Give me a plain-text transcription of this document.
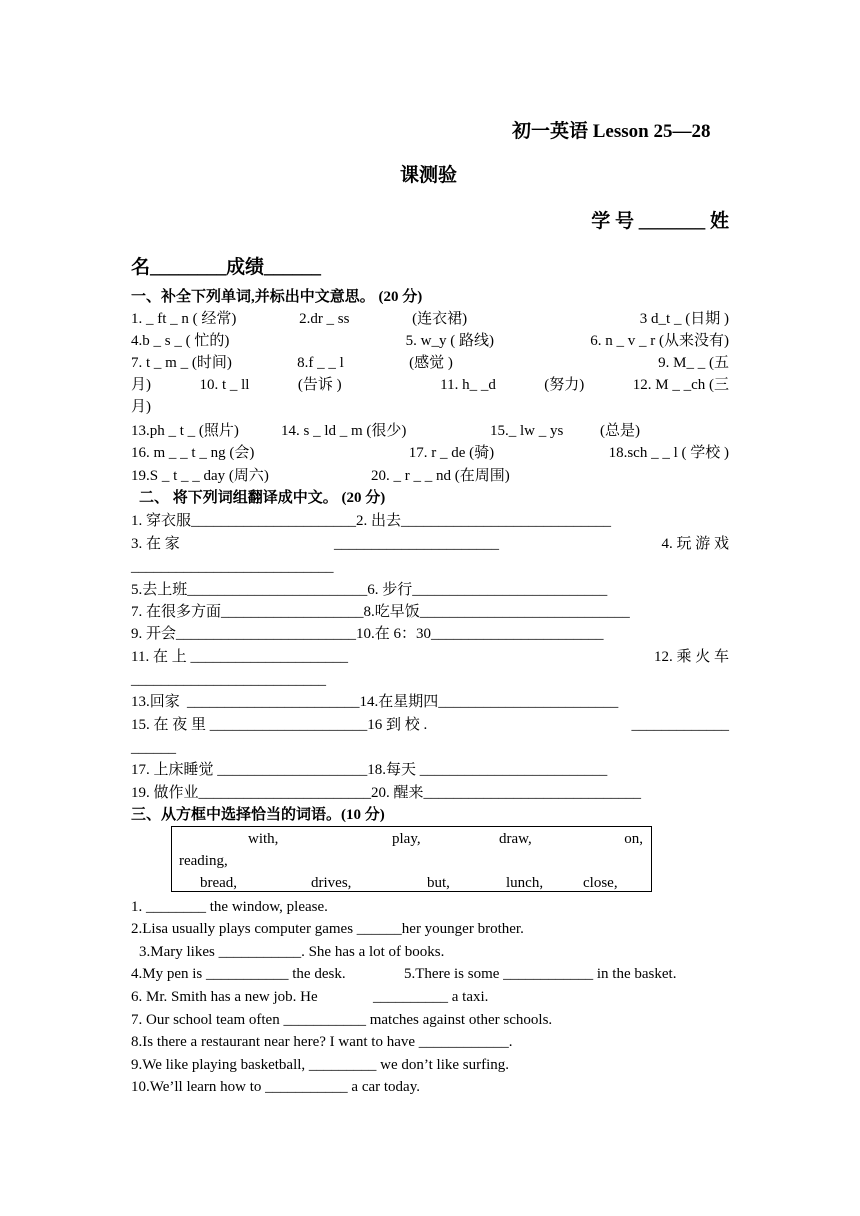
初一英语 Lesson 25—28
课测验
学 号 _______ 姓
名________成绩______
一、补全下列单词,并标出中文意思。 (20 分)
1. _ ft _ n ( 经常)	2.dr _ ss	(连衣裙)	3 d_t _ (日期 )
4.b _ s _ ( 忙的)	5. w_y ( 路线)	6. n _ v _ r (从来没有)
7. t _ m _ (时间)	8.f _ _ l	(感觉 )	9. M_ _ (五
月)	10. t _ ll	(告诉 )	11. h_ _d	(努力)	12. M _ _ch (三
月)
13.ph _ t _ (照片)	14. s _ ld _ m (很少)	15._ lw _ ys (总是)
16. m _ _ t _ ng (会)	17. r _ de (骑)	18.sch _ _ l ( 学校 )
19.S _ t _ _ day (周六)	20. _ r _ _ nd (在周围)
二、 将下列词组翻译成中文。 (20 分)
1. 穿衣服______________________2. 出去____________________________
3. 在 家	______________________	4. 玩 游 戏
___________________________
5.去上班________________________6. 步行__________________________
7. 在很多方面___________________8.吃早饭____________________________
9. 开会________________________10.在 6：30_______________________
11. 在 上 _____________________	12. 乘 火 车
__________________________
13.回家 _______________________14.在星期四________________________
15. 在 夜 里 _____________________16 到 校 .	_____________
______
17. 上床睡觉 ____________________18.每天 _________________________
19. 做作业_______________________20. 醒来_____________________________
三、从方框中选择恰当的词语。(10 分)
with,	play,	draw,	on,
reading,
bread,	drives,	but,	lunch,	close,
1. ________ the window, please.
2.Lisa usually plays computer games ______her younger brother.
3.Mary likes ___________. She has a lot of books.
4.My pen is ___________ the desk.	5.There is some ____________ in the basket.
6. Mr. Smith has a new job. He	__________ a taxi.
7. Our school team often ___________ matches against other schools.
8.Is there a restaurant near here? I want to have ____________.
9.We like playing basketball, _________ we don’t like surfing.
10.We’ll learn how to ___________ a car today.
